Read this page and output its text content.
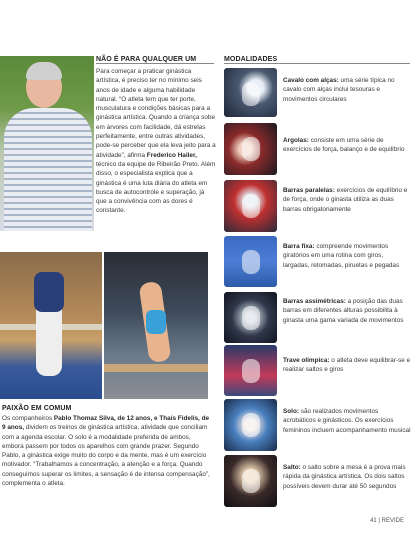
NÃO É PARA QUALQUER UM
Para começar a praticar ginástica artística, é preciso ter no mínimo seis anos de idade e alguma habilidade natural. “O atleta tem que ter porte, musculatura e condições básicas para a ginástica artística. Quando a criança sobe em árvores com facilidade, dá estrelas perfeitamente, entre outras atividades, pode-se perceber que ela leva jeito para a atividade”, afirma Frederico Hailer, técnico da equipe de Ribeirão Preto. Além disso, o especialista explica que a ginástica é uma luta diária do atleta em busca de autocontrole e superação, já que a convivência com as dores é constante.
PAIXÃO EM COMUM
Os companheiros Pablo Thomaz Silva, de 12 anos, e Thaís Fidelis, de 9 anos, dividem os treinos de ginástica artística, atividade que conciliam com a agenda escolar. O solo é a modalidade preferida de ambos, embora passem por todos os aparelhos com grande prazer. Segundo Pablo, a ginástica exige muito do corpo e da mente, mas é um exercício motivador. “Trabalhamos a concentração, a atenção e a força. Quando conseguimos superar os limites, a sensação é de intensa compensação”, complementa o atleta.
MODALIDADES
Cavalo com alças: uma série típica no cavalo com alças inclui tesouras e movimentos circulares
Argolas: consiste em uma série de exercícios de força, balanço e de equilíbrio
Barras paralelas: exercícios de equilíbrio e de força, onde o ginasta utiliza as duas barras obrigatoriamente
Barra fixa: compreende movimentos giratórios em uma rotina com giros, largadas, retomadas, piruetas e pegadas
Barras assimétricas: a posição das duas barras em diferentes alturas possibilita à ginasta uma gama variada de movimentos
Trave olímpica: o atleta deve equilibrar-se e realizar saltos e giros
Solo: são realizados movimentos acrobáticos e ginásticos. Os exercícios femininos incluem acompanhamento musical
Salto: o salto sobre a mesa é a prova mais rápida da ginástica artística. Os dois saltos possíveis devem durar até 50 segundos
41 | REVIDE
